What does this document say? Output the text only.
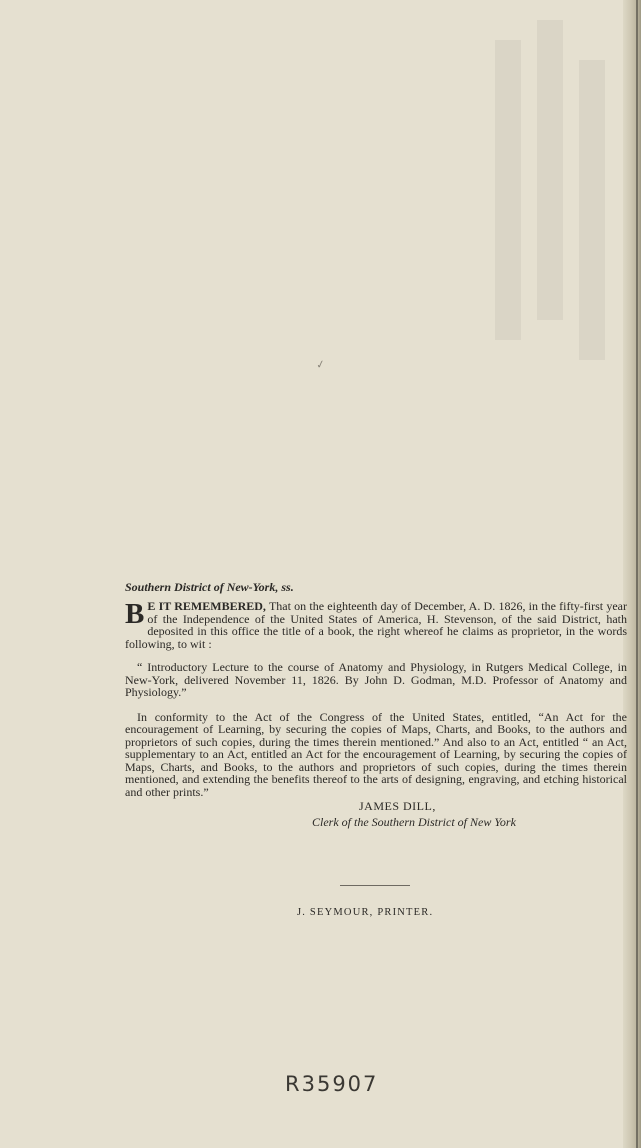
✓

Southern District of New-York, ss.

B E IT REMEMBERED, That on the eighteenth day of December, A. D. 1826, in the fifty-first year of the Independence of the United States of America, H. Stevenson, of the said District, hath deposited in this office the title of a book, the right whereof he claims as proprietor, in the words following, to wit :

“ Introductory Lecture to the course of Anatomy and Physiology, in Rutgers Medical College, in New-York, delivered November 11, 1826. By John D. Godman, M.D. Professor of Anatomy and Physiology.”

In conformity to the Act of the Congress of the United States, entitled, “An Act for the encouragement of Learning, by securing the copies of Maps, Charts, and Books, to the authors and proprietors of such copies, during the times therein mentioned.” And also to an Act, entitled “ an Act, supplementary to an Act, entitled an Act for the encouragement of Learning, by securing the copies of Maps, Charts, and Books, to the authors and proprietors of such copies, during the times therein mentioned, and extending the benefits thereof to the arts of designing, engraving, and etching historical and other prints.”

JAMES DILL,
Clerk of the Southern District of New York
J. SEYMOUR, PRINTER.
R35907
